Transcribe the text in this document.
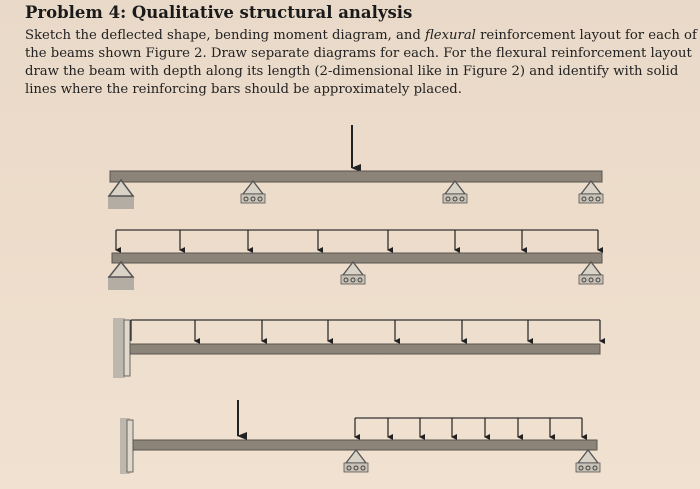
Problem 4: Qualitative structural analysis
Sketch the deflected shape, bending moment diagram, and flexural reinforcement layout for each of
the beams shown Figure 2. Draw separate diagrams for each. For the flexural reinforcement layout
draw the beam with depth along its length (2-dimensional like in Figure 2) and identify with solid
lines where the reinforcing bars should be approximately placed.
